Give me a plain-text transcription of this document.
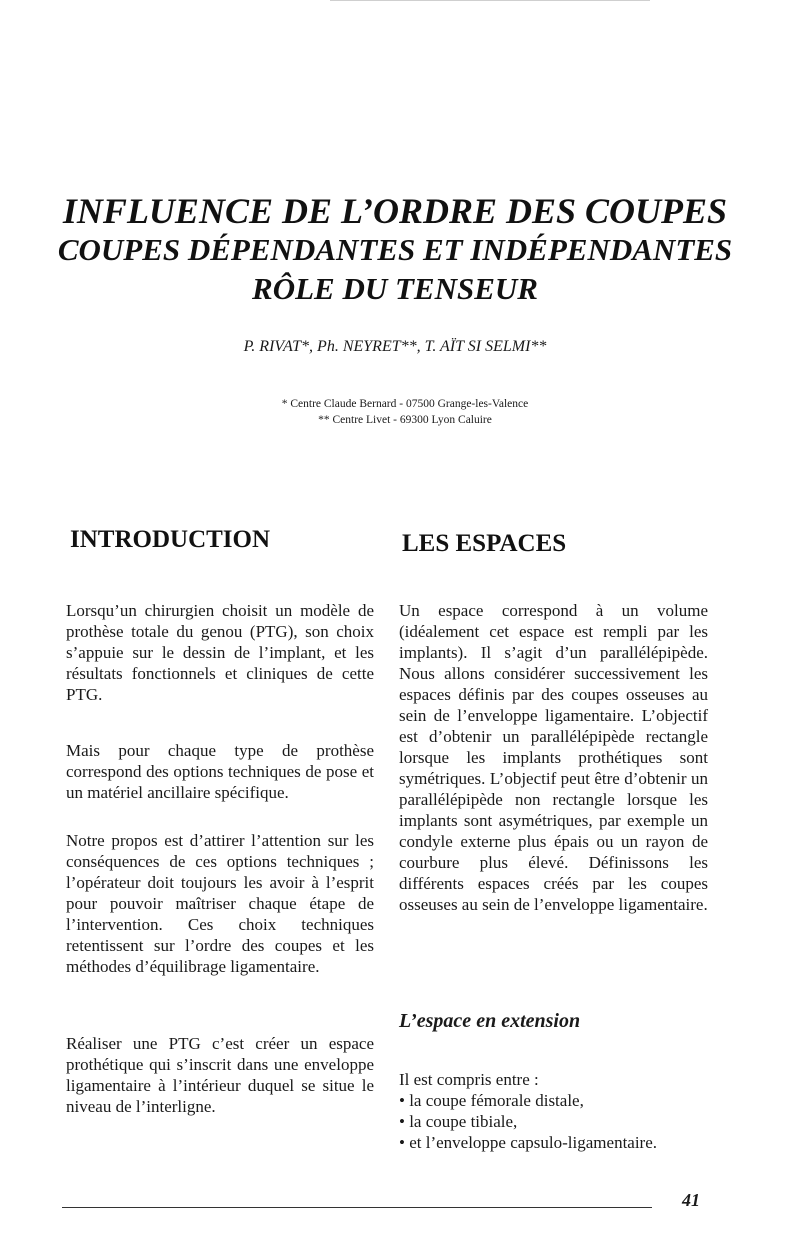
INFLUENCE DE L’ORDRE DES COUPES
COUPES DÉPENDANTES ET INDÉPENDANTES
RÔLE DU TENSEUR
P. RIVAT*, Ph. NEYRET**, T. AÏT SI SELMI**
* Centre Claude Bernard - 07500 Grange-les-Valence
** Centre Livet - 69300 Lyon Caluire
INTRODUCTION	LES ESPACES

Lorsqu’un chirurgien choisit un modèle de prothèse totale du genou (PTG), son choix s’appuie sur le dessin de l’implant, et les résultats fonctionnels et cliniques de cette PTG.

Mais pour chaque type de prothèse correspond des options techniques de pose et un matériel ancillaire spécifique.

Notre propos est d’attirer l’attention sur les conséquences de ces options techniques ; l’opérateur doit toujours les avoir à l’esprit pour pouvoir maîtriser chaque étape de l’intervention. Ces choix techniques retentissent sur l’ordre des coupes et les méthodes d’équilibrage ligamentaire.

Réaliser une PTG c’est créer un espace prothétique qui s’inscrit dans une enveloppe ligamentaire à l’intérieur duquel se situe le niveau de l’interligne.

Un espace correspond à un volume (idéalement cet espace est rempli par les implants). Il s’agit d’un parallélépipède. Nous allons considérer successivement les espaces définis par des coupes osseuses au sein de l’enveloppe ligamentaire. L’objectif est d’obtenir un parallélépipède rectangle lorsque les implants prothétiques sont symétriques. L’objectif peut être d’obtenir un parallélépipède non rectangle lorsque les implants sont asymétriques, par exemple un condyle externe plus épais ou un rayon de courbure plus élevé. Définissons les différents espaces créés par les coupes osseuses au sein de l’enveloppe ligamentaire.

L’espace en extension

Il est compris entre :

• la coupe fémorale distale,
• la coupe tibiale,
• et l’enveloppe capsulo-ligamentaire.
41
